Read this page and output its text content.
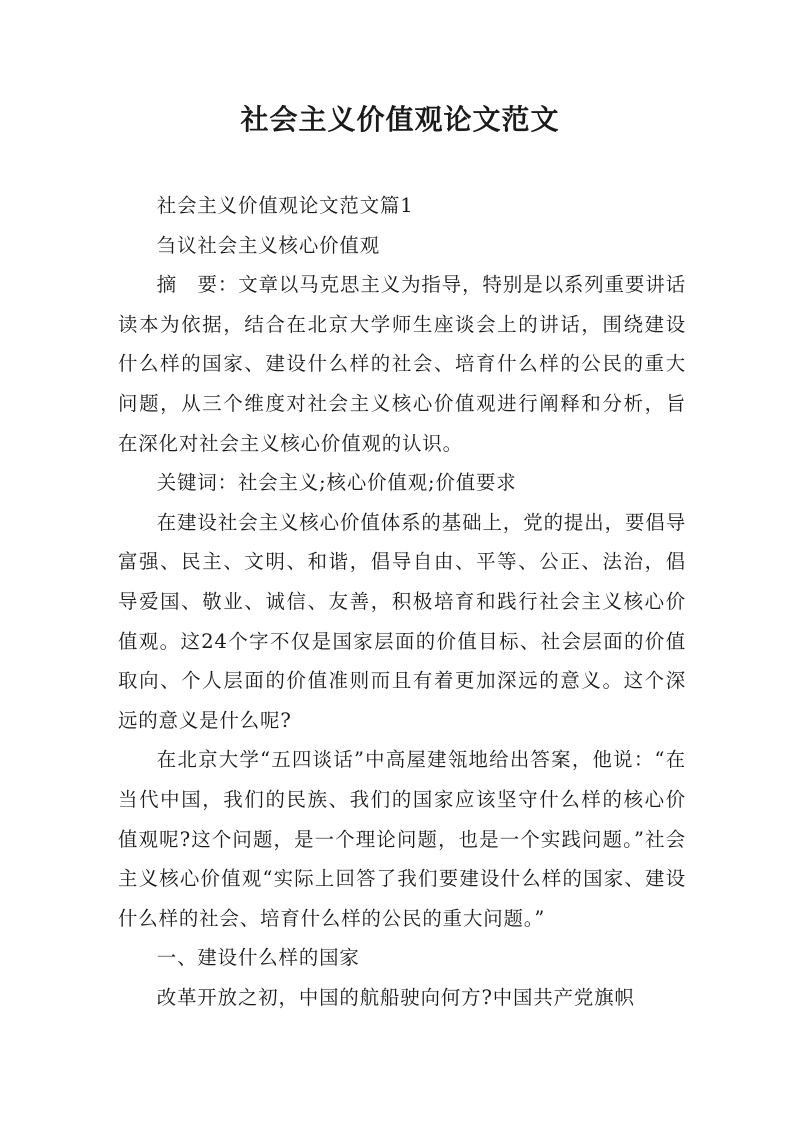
社会主义价值观论文范文

社会主义价值观论文范文篇1

刍议社会主义核心价值观

摘　要：文章以马克思主义为指导，特别是以系列重要讲话读本为依据，结合在北京大学师生座谈会上的讲话，围绕建设什么样的国家、建设什么样的社会、培育什么样的公民的重大问题，从三个维度对社会主义核心价值观进行阐释和分析，旨在深化对社会主义核心价值观的认识。

关键词：社会主义;核心价值观;价值要求

在建设社会主义核心价值体系的基础上，党的提出，要倡导富强、民主、文明、和谐，倡导自由、平等、公正、法治，倡导爱国、敬业、诚信、友善，积极培育和践行社会主义核心价值观。这24个字不仅是国家层面的价值目标、社会层面的价值取向、个人层面的价值准则而且有着更加深远的意义。这个深远的意义是什么呢?

在北京大学“五四谈话”中高屋建瓴地给出答案，他说：“在当代中国，我们的民族、我们的国家应该坚守什么样的核心价值观呢?这个问题，是一个理论问题，也是一个实践问题。”社会主义核心价值观“实际上回答了我们要建设什么样的国家、建设什么样的社会、培育什么样的公民的重大问题。”

一、建设什么样的国家

改革开放之初，中国的航船驶向何方?中国共产党旗帜
